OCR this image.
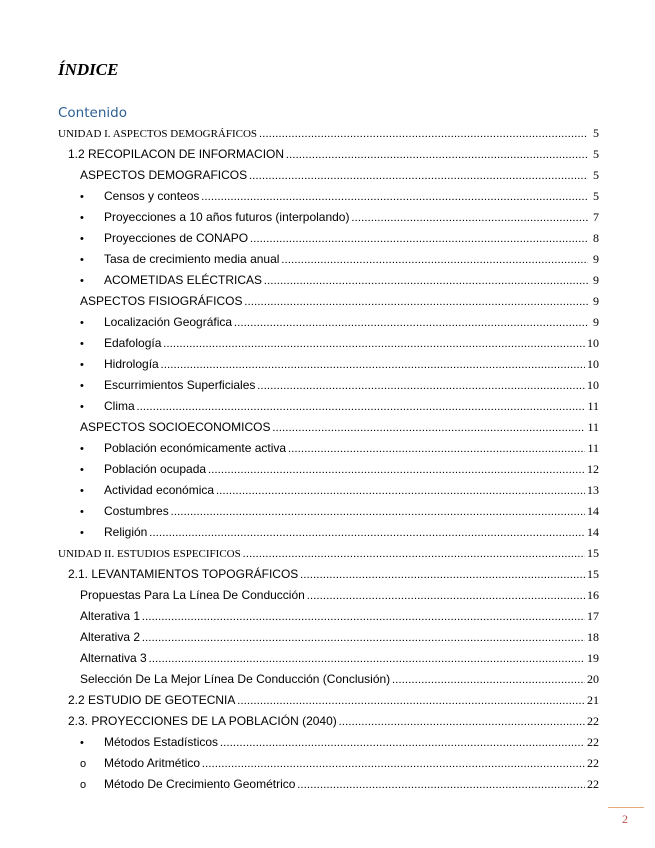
ÍNDICE
Contenido
UNIDAD I. ASPECTOS DEMOGRÁFICOS .....	5
1.2 RECOPILACON DE INFORMACION .....	5
ASPECTOS DEMOGRAFICOS .....	5
• Censos y conteos .....	5
• Proyecciones a 10 años futuros (interpolando) .....	7
• Proyecciones de CONAPO .....	8
• Tasa de crecimiento media anual .....	9
• ACOMETIDAS ELÉCTRICAS .....	9
ASPECTOS FISIOGRÁFICOS .....	9
• Localización Geográfica .....	9
• Edafología .....	10
• Hidrología .....	10
• Escurrimientos Superficiales .....	10
• Clima .....	11
ASPECTOS SOCIOECONOMICOS .....	11
• Población económicamente activa .....	11
• Población ocupada .....	12
• Actividad económica .....	13
• Costumbres .....	14
• Religión .....	14
UNIDAD II. ESTUDIOS ESPECIFICOS .....	15
2.1. LEVANTAMIENTOS TOPOGRÁFICOS .....	15
Propuestas Para La Línea De Conducción .....	16
Alterativa 1 .....	17
Alterativa 2 .....	18
Alternativa 3 .....	19
Selección De La Mejor Línea De Conducción (Conclusión) .....	20
2.2 ESTUDIO DE GEOTECNIA .....	21
2.3. PROYECCIONES DE LA POBLACIÓN (2040) .....	22
• Métodos Estadísticos .....	22
o Método Aritmético .....	22
o Método De Crecimiento Geométrico .....	22
2
